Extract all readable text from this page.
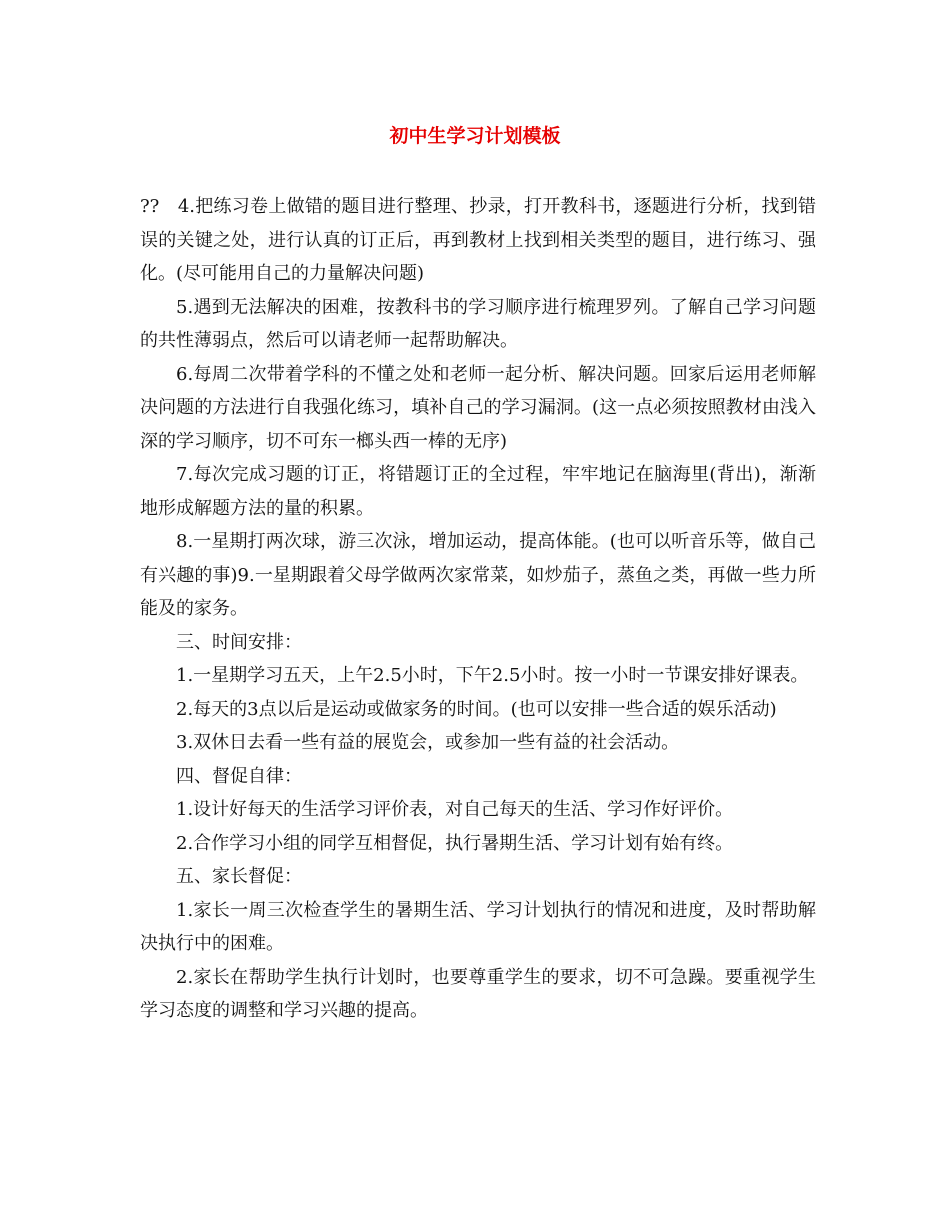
初中生学习计划模板

??　4.把练习卷上做错的题目进行整理、抄录，打开教科书，逐题进行分析，找到错误的关键之处，进行认真的订正后，再到教材上找到相关类型的题目，进行练习、强化。(尽可能用自己的力量解决问题)

5.遇到无法解决的困难，按教科书的学习顺序进行梳理罗列。了解自己学习问题的共性薄弱点，然后可以请老师一起帮助解决。

6.每周二次带着学科的不懂之处和老师一起分析、解决问题。回家后运用老师解决问题的方法进行自我强化练习，填补自己的学习漏洞。(这一点必须按照教材由浅入深的学习顺序，切不可东一榔头西一棒的无序)

7.每次完成习题的订正，将错题订正的全过程，牢牢地记在脑海里(背出)，渐渐地形成解题方法的量的积累。

8.一星期打两次球，游三次泳，增加运动，提高体能。(也可以听音乐等，做自己有兴趣的事)9.一星期跟着父母学做两次家常菜，如炒茄子，蒸鱼之类，再做一些力所能及的家务。

三、时间安排：

1.一星期学习五天，上午2.5小时，下午2.5小时。按一小时一节课安排好课表。

2.每天的3点以后是运动或做家务的时间。(也可以安排一些合适的娱乐活动)

3.双休日去看一些有益的展览会，或参加一些有益的社会活动。

四、督促自律：

1.设计好每天的生活学习评价表，对自己每天的生活、学习作好评价。

2.合作学习小组的同学互相督促，执行暑期生活、学习计划有始有终。

五、家长督促：

1.家长一周三次检查学生的暑期生活、学习计划执行的情况和进度，及时帮助解决执行中的困难。

2.家长在帮助学生执行计划时，也要尊重学生的要求，切不可急躁。要重视学生学习态度的调整和学习兴趣的提高。
